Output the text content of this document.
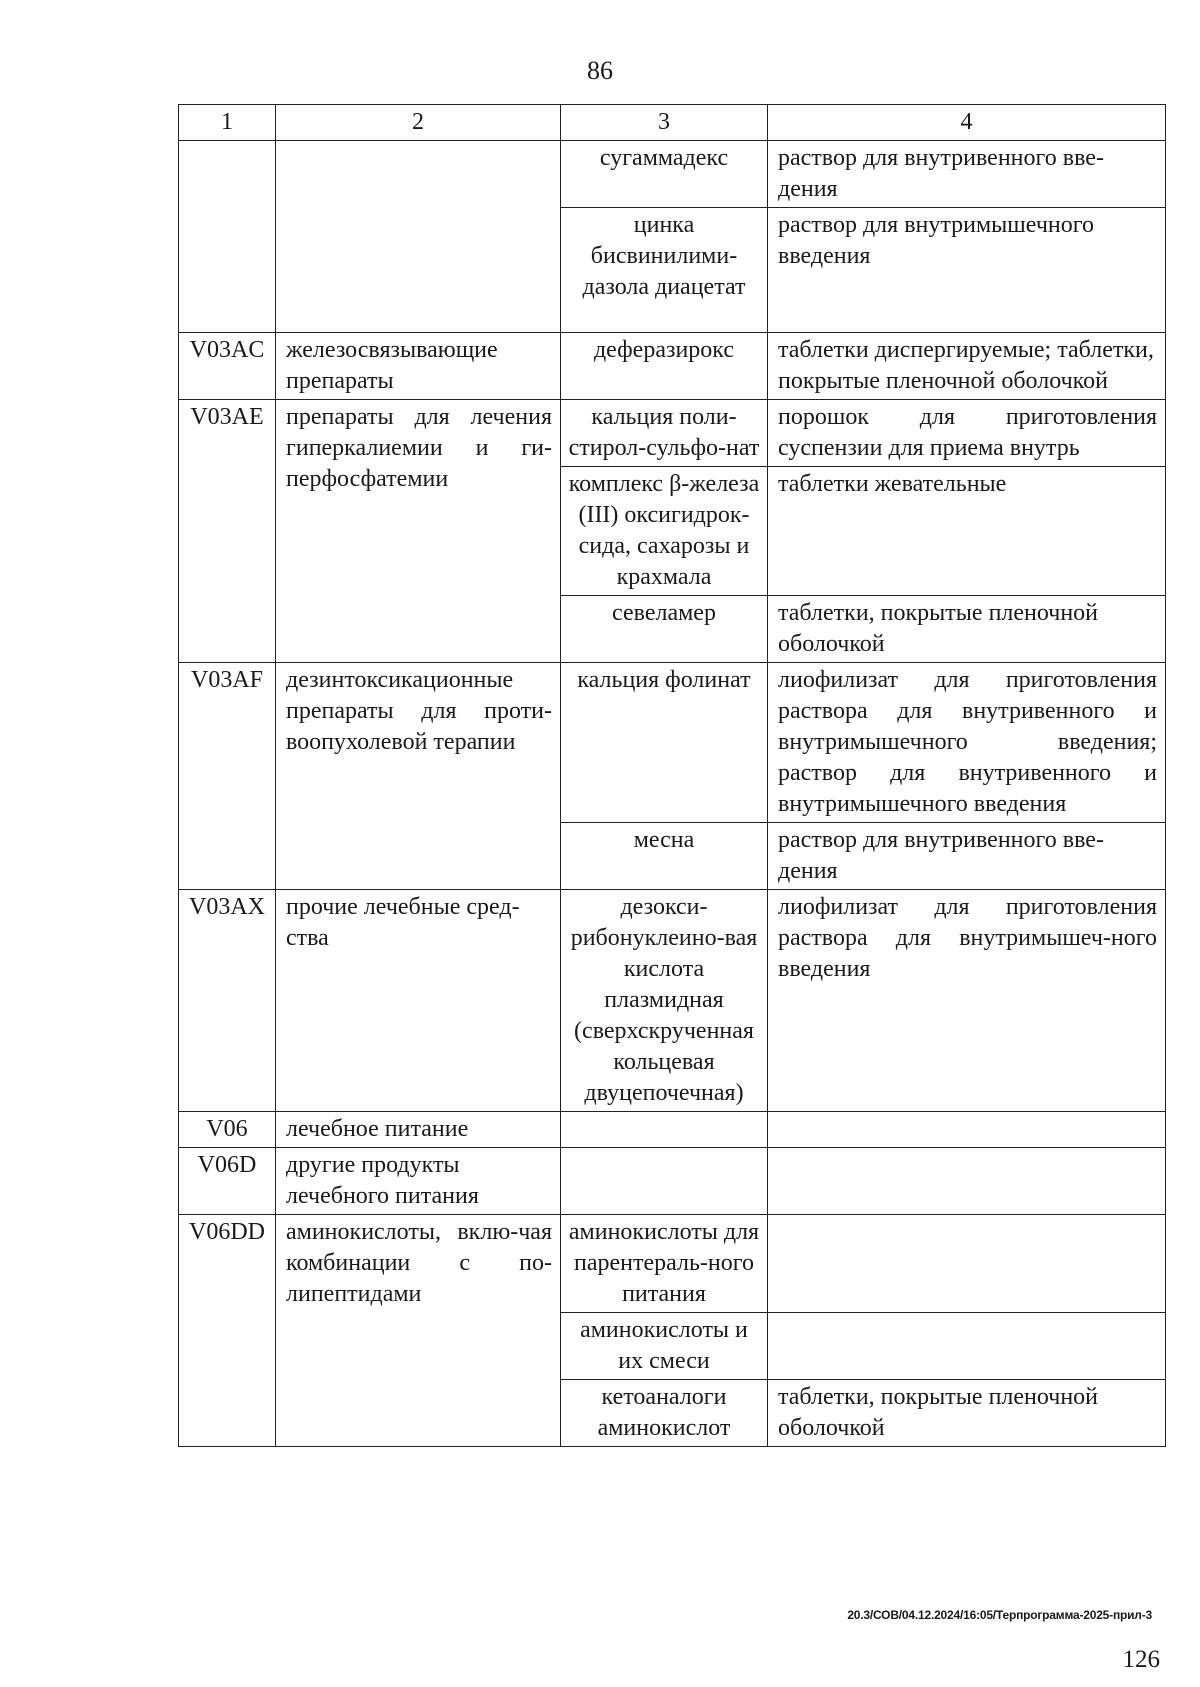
86
1	2	3	4
		сугаммадекс	раствор для внутривенного вве-дения
		цинка бисвинилими-дазола диацетат	раствор для внутримышечного введения
V03AC	железосвязывающие препараты	деферазирокс	таблетки диспергируемые; таблетки, покрытые пленочной оболочкой
V03AE	препараты для лечения гиперкалиемии и ги-перфосфатемии	кальция поли-стирол-сульфо-нат	порошок для приготовления суспензии для приема внутрь
		комплекс β-железа (III) оксигидрок-сида, сахарозы и крахмала	таблетки жевательные
		севеламер	таблетки, покрытые пленочной оболочкой
V03AF	дезинтоксикационные препараты для проти-воопухолевой терапии	кальция фолинат	лиофилизат для приготовления раствора для внутривенного и внутримышечного введения; раствор для внутривенного и внутримышечного введения
		месна	раствор для внутривенного вве-дения
V03AX	прочие лечебные сред-ства	дезокси-рибонуклеино-вая кислота плазмидная (сверхскрученная кольцевая двуцепочечная)	лиофилизат для приготовления раствора для внутримышеч-ного введения
V06	лечебное питание		
V06D	другие продукты лечебного питания		
V06DD	аминокислоты, вклю-чая комбинации с по-липептидами	аминокислоты для парентераль-ного питания	
		аминокислоты и их смеси	
		кетоаналоги аминокислот	таблетки, покрытые пленочной оболочкой
20.3/СОВ/04.12.2024/16:05/Терпрограмма-2025-прил-3
126
